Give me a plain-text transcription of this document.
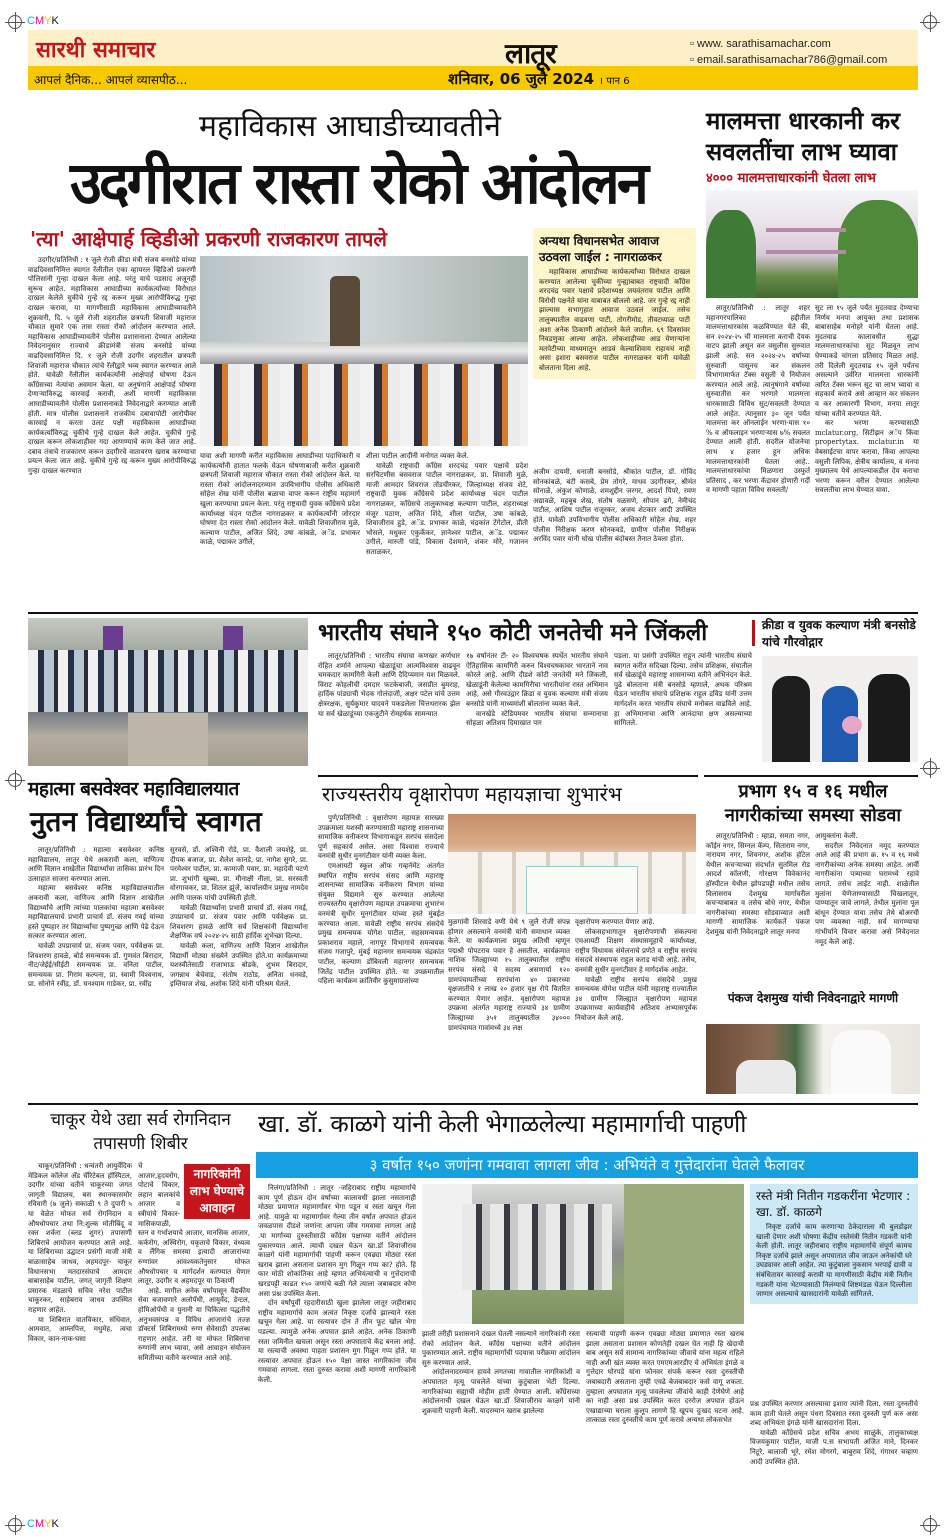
CMYK
सारथी समाचार	लातूर	▫ www. sarathisamachar.com
▫ email.sarathisamachar786@gmail.com
आपलं दैनिक... आपलं व्यासपीठ...	शनिवार, 06 जुलै 2024 । पान 6
महाविकास आघाडीच्यावतीने
उदगीरात रास्ता रोको आंदोलन
'त्या' आक्षेपार्ह व्हिडीओ प्रकरणी राजकारण तापले

उदगीर/प्रतिनिधी : १ जुले रोजी क्रीडा मंत्री संजय बनसोडे यांच्या वाढदिवसानिमित्त स्वागत रॅलीतील एका व्हायरल व्हिडिओ प्रकरणी पोलिसांनी गुन्हा दाखल केला आहे. परंतु याचे पडसाद अजूनही सुरूच आहेत. महाविकास आघाडीच्या कार्यकर्त्यांच्या विरोधात दाखल केलेले चुकीचे गुन्हे रद्द करून मुख्य आरोपीविरुद्ध गुन्हा दाखल करावा, या मागणीसाठी महाविकास आघाडीच्यावतीने शुक्रवारी, दि. ५ जुले रोजी शहरातील छत्रपती शिवाजी महाराज चौकात सुमारे एक तास रास्ता रोको आंदोलन करण्यात आले. महाविकास आघाडीच्यावतीने पोलीस प्रशासनाला देण्यात आलेल्या निवेदनानुसार राज्याचे क्रीडामंत्री संजय बनसोडे यांच्या वाढदिवसानिमित्त दि. १ जुले रोजी उदगीर शहरातील छत्रपती शिवाजी महाराज चौकात त्यांचे रॅलीद्वारे भव्य स्वागत करण्यात आले होते. यावेळी रॅलीतील कार्यकर्त्यांनी आक्षेपार्ह घोषणा देऊन काँग्रेसच्या नेत्यांचा अवमान केला. या अनुषंगाने आक्षेपार्ह घोषणा देणाऱ्याविरुद्ध कारवाई करावी, अशी मागणी महाविकास आघाडीच्यावतीने पोलीस प्रशासनाकडे निवेदनाद्वारे करण्यात आली होती. मात्र पोलीस प्रशासनाने राजकीय दबावापोटी आरोपीवर कारवाई न करता उलट पक्षी महाविकास आघाडीच्या कार्यकर्त्यांविरुद्ध चुकीचे गुन्हे दाखल केले आहेत. चुकीचे गुन्हे दाखल करून लोकशाहीवर गदा आणण्याचे काम केले जात आहे. दबाव तंत्राचे राजकारण करून उदगीरचे वातावरण खराब करण्याचा प्रयत्न केला जात आहे. चुकीचे गुन्हे रद्द करून मुख्य आरोपीविरुद्ध गुन्हा दाखल करण्यात

अन्यथा विधानसभेत आवाज उठवला जाईल : नागराळकर

महाविकास आघाडीच्या कार्यकर्त्यांच्या विरोधात दाखल करण्यात आलेल्या चुकीच्या गुन्ह्याबाबत राष्ट्रवादी काँग्रेस शरदचंद्र पवार पक्षाचे प्रदेशाध्यक्ष जयवंतराव पाटील आणि विरोधी पक्षनेते यांना याबाबत बोललो आहे. जर गुन्हे रद्द नाही झाल्यास सभागृहात आवाज उठवलं जाईल. तसेच तालुक्यातील वाढवणा पाटी, तोगरीमोड, तीवटघ्याळ पाटी अशा अनेक ठिकाणी आंदोलने केले जातील. ६९ दिवसांवर निवडणुका आल्या आहेत. लोकशाहीच्या आड येणाऱ्यांना मतपेटीच्या माध्यमातून आडवं केल्याशिवाय राहायचं नाही असा इशारा बसवराज पाटील नागराळकर यांनी यावेळी बोलताना दिला आहे.

यावा अशी मागणी करीत महाविकास आघाडीच्या पदाधिकारी व कार्यकर्त्यांनी हातात फलके घेऊन घोषणाबाजी करीत शुक्रवारी छत्रपती शिवाजी महाराज चौकात रास्ता रोको आंदोलन केले. या रास्ता रोको आंदोलनादरम्यान उपविभागीय पोलीस अधिकारी सोहेल शेख यांनी पोलीस बळाचा वापर करून राष्ट्रीय महामार्ग खुला करण्याचा प्रयत्न केला. परंतु राष्ट्रवादी युवक काँग्रेसचे प्रदेश कार्याध्यक्ष चंदन पाटील नागराळकर व कार्यकर्त्यांनी जोरदार घोषणा देत रास्ता रोको आंदोलन केले. यावेळी शिवाजीराव मुळे, कल्याण पाटील, अजित शिंदे, उषा कांबळे, अॅड. प्रभाकर काळे, पद्माकर उगीले,

शीला पाटील आदींनी मनोगत व्यक्त केले.

यावेळी राष्ट्रवादी काँग्रेस शरदचंद्र पवार पक्षाचे प्रदेश सरचिटणीस बसवराज पाटील नागराळकर, प्रा. शिवाजी मुळे, माजी आमदार शिवराज तोंडचीरकर, जिल्हाध्यक्ष संजय शेटे, राष्ट्रवादी युवक काँग्रेसचे प्रदेश कार्याध्यक्ष चंदन पाटील नागराळकर, काँग्रेसचे तालुकाध्यक्ष कल्याण पाटील, शहराध्यक्ष मंजूर पठाण, अजित शिंदे, शीला पाटील, उषा कांबळे, शिवाजीराव हुडे, अॅड. प्रभाकर काळे, चंद्रकांत टेंगेटोल, प्रीती भोसले, मधुकर एकुर्केकर, ज्ञानेश्वर पाटील, अॅड. पद्माकर उगीले, मारुती पांडे, विकास देशमाने, शंकर मोरे, गजानन सताळकर,

अजीम दायमी, धनाजी बनसोडे, श्रीकांत पाटील, डॉ. गोविंद सोनकांबळे, बंटी कसबे, प्रेम तोगरे, माधव उदगीरकर, श्रीमंत सोनाळे, अंकुश कोणाळे, शमशुद्दीन जरगर, आदर्श पिंपरे, रमण अद्यावळे, महबूब शेख, संतोष वळसणे, सोपान ढगे, नेमीचंद पाटील, आशिष पाटील राजूरकर, अजय शेटकार आदी उपस्थित होते. यावेळी उपविभागीय पोलीस अधिकारी सोहेल शेख, शहर पोलीस निरीक्षक करण सोनकवडे, ग्रामीण पोलीस निरीक्षक अरविंद पवार यांनी चोख पोलीस बंदोबस्त तैनात ठेवला होता.

मालमत्ता धारकानी कर सवलतींचा लाभ घ्यावा
४००० मालमत्ताधारकांनी घेतला लाभ

लातूर/प्रतिनिधी : लातूर शहर महानगरपालिका हद्दीतील मालमत्ताधारकांस कळविण्यात येते की, सन २०२४-२५ ची मालमत्ता कराची देयक वाटप झाली असून कर वसुलीस सुरुवात झाली आहे. सन २०२४-२५ वर्षाच्या सुरुवाती पासूनच कर संकलन विभागामार्फत टॅक्स वसुली चे नियोजन करण्यात आले आहे. त्यानुषंगाने वर्षाच्या सुरुवातीस कर भरणारे मालमत्ता धारकासाठी विविध सुट/सवलती देण्यात आले आहेत. त्यानुसार ३० जून पर्यंत मालमत्ता कर ऑनलाईन भरणा-यास १० % व ऑफलाइन भरणाऱ्यास ७% सवलत देण्यात आली होती. सदरील योजनेचा लाभ ४ हजार हून अधिक मालमत्ताधारकांनी घेतला आहे.. मालमत्ताधारकांचा मिळणारा उस्फुर्त प्रतिसाद , कर भरणा केंद्रावर होणारी गर्दी व मागणी पहाता विविध सवलती/

सुट ला १५ जुले पर्यंत मुदतवाड देण्याचा निर्णय मनपा आयुक्त तथा प्रशासक बाबासाहेब मनोहरे यांनी घेतला आहे. मुदतवाढ कालावधीत सुद्धा मालमत्ताधारकांचा सूट मिळवून लाभ घेण्याकडे चांगला प्रतिसाद मिळत आहे. तरी दिलेली मुदतवाढ १५ जुले पर्यंतच असल्याने उर्वरित मालमत्ता धारकांनी त्वरित टॅक्स भरून सूट चा लाभ घ्यावा व सहकार्य करावे असे आव्हान कर संकलन व कर आकारणी विभाग, मनपा लातूर यांच्या वतीने करण्यात येते.

कर भरणा करण्यासाठी mclatur.org, सिटीझन अॅप किंवा propertytax. mclatur.in या वेबसाईटचा वापर करावा. किंवा आपल्या वसुली लिपिक, क्षेत्रीय कार्यालय, व मनपा मुख्यालय येथे आपल्याकडील देय कराचा भरणा करून वरील देण्यात आलेल्या सवलतीचा लाभ घेण्यात यावा.

भारतीय संघाने १५० कोटी जनतेची मने जिंकली	क्रीडा व युवक कल्याण मंत्री बनसोडे यांचे गौरवोद्गार

लातूर/प्रतिनिधी : भारतीय संघाचा कणखर कर्णधार रोहित शर्माने आपल्या खेळाडूंचा आत्मविश्वास वाढवून चमकदार कामगिरी केली आणि दैदिप्यमान यश मिळवले. विराट कोहलीची दमदार फटकेबाजी, जसप्रीत बुमराह, हार्दिक पांड्याची भेदक गोलंदाजी, अक्षर पटेल यांचे उत्तम क्षेत्ररक्षक, सुर्यकुमार यादवने पकडलेला चित्तथरारक झेल या सर्व खेळाडूंच्या एकजुटीने रोमहर्षक सामन्यात

१७ वर्षानंतर टी- २० विश्वचषक स्पर्धेत भारतीय संघाने ऐतिहासिक कामगिरी करुन विश्वचषकावर भारताने नाव कोरले आहे. आणि दीडशे कोटी जनतेची मने जिंकली, खेळाडूंनी केलेल्या कामगिरीचा भारतीयांना रास्त अभिमान आहे, असे गौरवउद्गार क्रिडा व युवक कल्याण मंत्री संजय बनसोडे यांनी माध्यमांशी बोलतांना व्यक्त केले.

वानखेडे स्टेडियमवर भारतीय संघाचा सन्मानाचा सोहळा अतिशय दिमाखात पार

पडला. या प्रसंगी उपस्थित राहून त्यांनी भारतीय संघाचे स्वागत करीत सदिच्छा दिल्या. तसेच प्रशिक्षक, संघातील सर्व खेळाडूंचे महाराष्ट्र शासनाच्या वतीने अभिनंदन केले. पुढे बोलताना मंत्री बनसोडे म्हणाले, अथक परिश्रम घेऊन भारतीय संघाचे प्रशिक्षक राहुल द्रविड यांनी उत्तम मार्गदर्शन करत भारतीय संघाचे मनोबल वाढविले आहे. हा अभिमानाचा आणि आनंदाचा क्षण असल्याच्या सांगितले.

महात्मा बसवेश्वर महाविद्यालयात
नुतन विद्यार्थ्यांचे स्वागत

लातूर/प्रतिनिधी : महात्मा बसवेश्वर कनिष्ठ महाविद्यालय, लातूर येथे अकरावी कला, वाणिज्य आणि विज्ञान शाखेतील विद्यार्थ्यांचा तासिका प्रारंभ दिन उत्साहात साजरा करण्यात आला.

महात्मा बसवेश्वर कनिष्ठ महाविद्यालयातील अकरावी कला, वाणिज्य आणि विज्ञान शाखेतील विद्यार्थ्यांचे आणि त्यांच्या पालकांचा महात्मा बसवेश्वर महाविद्यालयाचे प्रभारी प्राचार्य डॉ. संजय गवई यांच्या हस्ते पुष्पहार तर विद्यार्थ्यांचा पुष्पगुच्छ आणि पेढे देऊन सत्कार करण्यात आला.

यावेळी उपप्राचार्य प्रा. संजय पवार, पर्यवेक्षक प्रा. शिवशरण हावळे, बोर्ड समन्वयक डॉ. गुणवंत बिरादार, नीट/जेईई/सीईटी समन्वयक प्रा. वनिता पाटील, समन्वयक प्रा. गिराम कल्पना, प्रा. स्वामी विश्वनाथ, प्रा. सोनोने रवींद्र, डॉ. घनश्याम गाडेकर, प्रा. रवींद्र

सुरवसे, डॉ. अश्विनी रोडे, प्रा. वैशाली जयशेट्टे, प्रा. दीपक बजाज, प्रा. शैलेश कानडे, प्रा. नागेश सुगरे, प्रा. परमेश्वर पाटील, प्रा. कामाजी पवार, प्रा. महादेवी पटणे प्रा. शुभांगी खुब्बा, प्रा. मीनाक्षी नीला, प्रा. सरस्वती वोरगावकर, प्रा. शितल झुंजे, कार्यालयीन प्रमुख नामदेव आणि पालक यांची उपस्थिती होती.

यावेळी विद्यार्थ्यांना प्रभारी प्राचार्य डॉ. संजय गवई, उपप्राचार्य प्रा. संजय पवार आणि पर्यवेक्षक प्रा. शिवशरण हावळे आणि सर्व शिक्षकांनी विद्यार्थ्यांना शैक्षणिक वर्ष २०२४-२५ साठी हार्दिक शुभेच्छा दिल्या.

यावेळी कला, वाणिज्य आणि विज्ञान शाखेतील विद्यार्थी मोठ्या संख्येने उपस्थित होते.या कार्यक्रमाच्या यशस्वीतेसाठी राजाभाऊ बोडके, शुभम बिरादार, जगन्नाथ बेचेवाड, संतोष राठोड, अनिता धनवडे, इम्तियाज शेख, अशोक शिंदे यांनी परिश्रम घेतले.

राज्यस्तरीय वृक्षारोपण महायज्ञाचा शुभारंभ

पुणे/प्रतिनिधी : वृक्षारोपण महायज्ञ सारख्या उपक्रमाला यशस्वी करण्यासाठी महाराष्ट्र शासनाच्या सामाजिक वनीकरण विभागाकडून सरपंच संसदेला पूर्ण सहकार्य असेल. असा विश्वास राज्याचे वनमंत्री सुधीर मुनगंटीवार यांनी व्यक्त केला.

एमआयटी स्कूल ऑफ गव्हर्नमेंट अंतर्गत स्थापित राष्ट्रीय सरपंच संसद आणि महाराष्ट्र शासनाच्या सामाजिक वनीकरण विभाग यांच्या संयुक्त विद्यमाने सुरु करण्यात आलेल्या राज्यस्तरीय वृक्षारोपण महायज्ञ उपक्रमाचा शुभारंभ वनमंत्री सुधीर मुनगंटीवार यांच्या हस्ते मुंबईत करण्यात आला. यावेळी राष्ट्रीय सरपंच संसदेचे प्रमुख समन्वयक योगेश पाटील, सहसमन्वयक प्रकाशराव महाले, नागपूर विभागाचे समन्वयक संजय गजापुरे, मुंबई महानगर समन्वयक चंद्रकांत पाटील, कल्याण डोंबिवली महानगर समन्वयक जितेंद्र पाटील उपस्थित होते. या उपक्रमातील पहिला कार्यक्रम क्रांतिवीर कुसुमाग्रजांच्या

मुळगांवी शिरवाडे वणी येथे ९ जुलै रोजी संपन्न होणार असल्याने वनमंत्री यांनी समाधान व्यक्त केले. या कार्यक्रमाला प्रमुख अतिथी म्हणून पद्मश्री पोपटराव पवार हे असतील. कार्यक्रमात नाशिक जिल्ह्याच्या १५ तालुक्यातील राष्ट्रीय सरपंच संसदे चे सदस्य असणार्या १२० ग्रामपंचायतींच्या सरपंचांना ४० प्रकारच्या वृक्षजातीचे १ लाख २० हजार वृक्ष रोपे वितरित करण्यात येणार आहेत. वृक्षारोपण महायज्ञ उपक्रमा अंतर्गत महाराष्ट्र राज्याचे ३४ ग्रामीण जिल्ह्याच्या ३५१ तालुक्यातील ३४००० ग्रामपंचायत गावांमध्ये ३४ लक्ष

वृक्षारोपण करण्यात येणार आहे.

लोकसहभागातून वृक्षारोपणाची संकल्पना एमआयटी शिक्षण संस्थासमूहाचे कार्याध्यक्ष, राष्ट्रीय विधायक संमेलनाचे प्रणेते व राष्ट्रीय सरपंच संसदचे संस्थापक राहुल कराड यांची आहे. तसेच, वनमंत्री सुधीर मुनगंटीवार हे मार्गदर्शक आहेत.

यावेळी राष्ट्रीय सरपंच संसदेचे प्रमुख समन्वयक योगेश पाटील यांनी महाराष्ट्र राज्यातील ३४ ग्रामीण जिल्ह्यात वृक्षारोपण महायज्ञ उपक्रमाच्या कार्यवाहीचे अतिशय अभ्यासपूर्वक नियोजन केले आहे.

प्रभाग १५ व १६ मधील नागरीकांच्या समस्या सोडवा

लातूर/प्रतिनिधी : म्हाडा, समता नगर, कॉईन नगर, सिग्नल कॅम्प, सिताराम नगर, नारायण नगर, शिवनगर, अशोक हॉटेल येथील कचऱ्याच्या संदर्भात सुतमिल रोड आदर्श कॉलणी, गोरक्षण विवेकानंद हॉस्पीटल येथील झोपडपट्टी मधील तसेच विलासराव देशमुख मार्गावरील कचऱ्याबाबत व तसेच बोधे नगर, येथील नागरीकांच्या समस्या सोडवाव्यात अशी मागणी सामाजिक कार्यकर्ते पंकज देशमुख यांनी निवेदनाद्वारे लातूर मनपा

आयुक्तांना केली.

सदरील निवेदनात नमूद करण्यात आले आहे की प्रभाग क्र. १५ व १६ मध्ये नागरीकांच्या अनेक समस्या आहेत. आर्वी नागरीकांना पत्र्याच्या घरामध्ये रहावे लागते. तसेच लाईट नाही. शाळेतील मुलांना येणेजाण्यासाठी चिखलातून, पाण्यातून जावे लागले, तेथील मुलांना पूल बांधून देण्यात यावा तसेच तेथे बोअरची पण व्यवस्था नाही. सर्व मागण्याचा गांभीर्याने विचार करावा असे निवेदनात नमूद केले आहे.

पंकज देशमुख यांची निवेदनाद्वारे मागणी
चाकूर येथे उद्या सर्व रोगनिदान तपासणी शिबीर

चाकूर/प्रतिनिधी : धन्वंतरी आयुर्वेदिक मेडिकल कॉलेज अँड चॅरिटेबल हॉस्पिटल, उदगीर यांच्या वतीने चाकूरच्या जगत जागृती विद्यालय, बस स्थानकासमोर रविवारी (७ जुले) सकाळी ९ ते दुपारी ५ या वेळेत मोफत सर्व रोगनिदान व औषधोपचार तथा नि:शुल्क मोतीबिंदू व रक्त शर्करा (ब्लड शुगर) तपासणी शिबिराचे आयोजन करण्यात आले आहे. या शिबिराच्या उद्घाटन प्रसंगी माजी मंत्री बाळासाहेब जाधव, अहमदपूर- चाकूर विधानसभा मतदारसंघाचे आमदार बाबासाहेब पाटील, जगत् जागृती शिक्षण प्रसारक मंडळाचे सचिव नरेश पाटील चाकूरकर, साहेबराव जाधव उपस्थित राहणार आहेत.

या शिबिरात वातविकार, संधिवात, आमवात, आम्लपित्त, मधुमेह, त्वचा विकार, कान-नाक-घसा

नागरिकांनी लाभ घेण्याचे आवाहन

चे आजार,हृदयरोग, पोटाचे विकार, लहान बालकांचे आजार व स्त्रीयांचे विकार- मासिकपाळी, स्तन व गर्भाशयाचे आजार, मानसिक आजार, कर्करोग, अस्थिरोग, यकृताचे विकार, वंध्यत्व व लैंगिक समस्या इत्यादी आजारांच्या रुग्णांवर आवश्यकतेनुसार मोफत औषधोपचार व मार्गदर्शन करण्यात येणार लातूर, उदगीर व अहमदपूर या ठिकाणी

आहे. मागील अनेक वर्षांपासून वैद्यकीय सेवा बजावणारे अलोपॅथी, आयुर्वेद, डेन्टल, होमिओपॅथी व युनानी या चिकित्सा पद्धतीचे अनुभवसंपन्न व विविध आजारांचे तज्ज्ञ डॉक्टर्स शिबिरामध्ये रुग्ण सेवेसाठी उपलब्ध राहणार आहेत. तरी या मोफत शिबिराचा रुग्णांनी लाभ घ्यावा, असे आवाहन संयोजन समितीच्या वतीने करण्यात आले आहे.

खा. डॉ. काळगे यांनी केली भेगाळलेल्या महामार्गाची पाहणी
३ वर्षात १५० जणांना गमवावा लागला जीव : अभियंते व गुत्तेदारांना घेतले फैलावर

निलंगा/प्रतिनिधी : लातूर -जहिराबाद राष्ट्रीय महामार्गाचे काम पूर्ण होऊन दोन वर्षाच्या कालावधी झाला नसतानाही मोठ्या प्रमाणात महामार्गावर भेगा पडून व रस्ता खचून गेला आहे. यामुळे या महामार्गावर गेल्या तीन वर्षात अपघात होऊन जवळपास दीडशे जणांना आपला जीव गमवावा लागला आहे .या मार्गाच्या दुरुस्तीसाठी कॉंग्रेस पक्षाच्या वतीने आंदोलन पुकारण्यात आले. त्याची दखल घेऊन खा.डॉ शिवाजीराव काळगे यांनी महामार्गाची पाहणी करून एवढ्या मोठ्या रस्ता खराब झाला असताना प्रशासन मुग गिळून गप्प का? होते. हि फार मोठी शोकांतिका आहे म्हणत अभियंत्याची व गुत्तेदाराची खरडपट्टी काढत १५० जणांचे बळी गेले त्याला जबाबदार कोण असा प्रश्न उपस्थित केला.

दोन वर्षांपूर्वी रहदारीसाठी खुला झालेला लातूर जहीराबाद राष्ट्रीय महामार्गाचे काम अत्यंत निकृष्ट दर्जाचे झाल्याने रस्ता खचून गेला आहे. या रस्त्यावर दोन ते तीन फूट खोल भेगा पडल्या. त्यामुळे अनेक अपघात झाले आहेत. अनेक ठिकाणी रस्ता जमिनीत खचला असून रस्ता अपघाताचे केंद्र बनला आहे. या रस्त्याची अवस्था पाहता प्रशासन मुग गिळून गप्प होते. या रस्त्यावर अपघात होऊन १५० पेक्षा जास्त नागरिकांना जीव गमवावा लागला. रस्ता दुरुस्त करावा अशी मागणी नागरिकांनी केली.

झाली तरीही प्रशासनाने दखल घेतली नसल्याने नागरिकांनी रस्ता रोको आंदोलन केले. काँग्रेस पक्षाच्या वतीने आंदोलन पुकारण्यात आले. राष्ट्रीय महामार्गाची पदयात्रा परीक्रमा आंदोलन सुरु करण्यात आले.

आंदोलनादरम्यान हायवे लगतच्या गावातील नागरिकांशी व अपघातात मृत्यू पावलेले यांच्या कुटुंबाला भेटी दिल्या. नागरिकांच्या सह्याची मोहीम हाती घेण्यात आली. काँग्रेसच्या आंदोलनाची दखल घेऊन खा.डॉ शिवाजीराव काळगे यांनी शुक्रवारी पाहणी केली. यादरम्यान खराब झालेल्या

रस्त्याची पाहणी करून एवढ्या मोठ्या प्रमाणात रस्ता खराब झाला असताना प्रशासन कोणतेही दखल घेत नाही हि खेदाची बाब असून सर्व सामान्य नागरिकांच्या जीवाचे यांना महत्व राहिले नाही अशी खंत व्यक्त करत एमएमआरडीए चे अभियंता इंगळे व गुत्तेदार घोरपडे यांना फोनवर संपर्क करून रस्ता दुरुस्तीची जबाबदारी असताना तुम्ही एवढे बेजबाबदार कसे वागू शकता. तुम्हाला अपघातात मृत्यू पावलेल्या जीवांचे काही देणेघेणे आहे का नाही असा प्रश्न उपस्थित करत दररोज अपघात होऊन एखाद्याच्या घराला कुलूप लागणे हि खूपच दुःखद घटना आहे. तात्काळ रस्ता दुरुस्तीचे काम पूर्ण करावे अन्यथा लोकसभेत

रस्ते मंत्री नितीन गडकरींना भेटणार : खा. डॉ. काळगे

निकृष्ट दर्जाचे काम करणाऱ्या ठेकेदाराला मी बुलडोझर खाली देणार अशी घोषणा केंद्रीय रस्तेमंत्री नितीन गडकरी यांनी केली होती. लातूर जहीराबाद राष्ट्रीय महामार्गाचे संपूर्ण कामच निकृष्ट दर्जाचे झाले असून अपघातात जीव जाऊन अनेकांची घरे उघड्यावर आली आहेत. त्या कुटुंबाला नुकसान भरपाई द्यावी व संबंधितावर कारवाई करावी या मागणीसाठी केंद्रीय मंत्री नितीन गडकरी यांना भेटण्यासाठी निलंग्याचे शिष्टमंडळ घेऊन दिल्लीला जाणार असल्याचे खासदारांनी यावेळी सांगितले.

प्रश्न उपस्थित करणार असल्याचा इशारा त्यांनी दिला. रस्ता दुरुस्तीचे काम हाती घेतले असून पंधरा दिवसात रस्ता दुरुस्ती पुर्ण करु असा शब्द अभियंता इंगळे यांनी खासदारांना दिला.

यावेळी काँग्रेसचे प्रदेश सचिव अभय साळुंके, तालुकाध्यक्ष विजयकुमार पाटील, माजी प.स सभापती अजित माने, दिनकर निटूरे, बालाजी भूरे, रमेश मोगरगे, बाबुराव शिंदे, गंगाधर चव्हाण आदी उपस्थित होते.

CMYK
